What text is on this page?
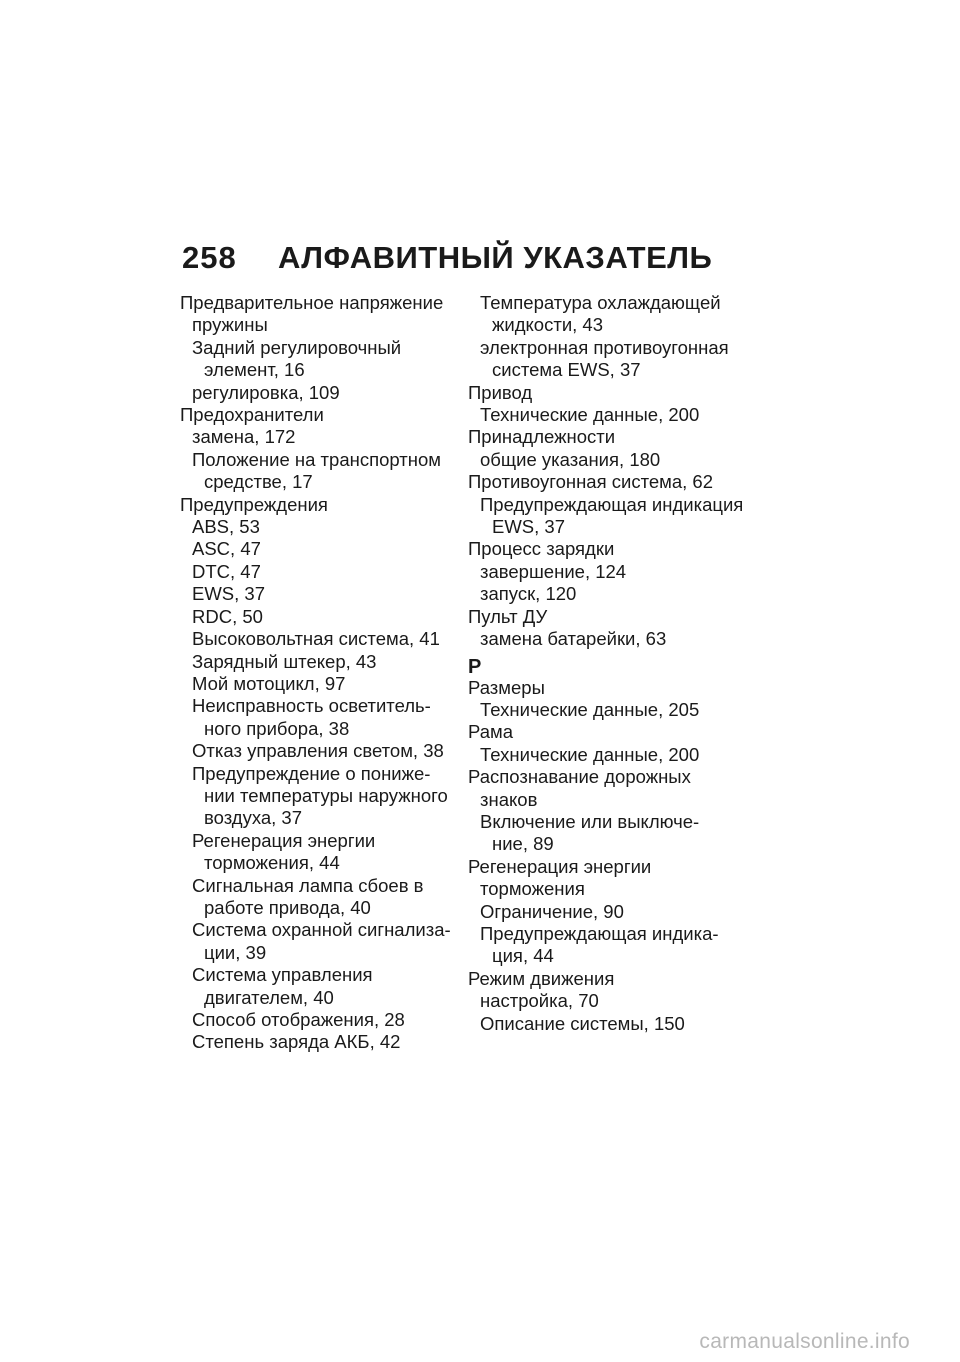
258	АЛФАВИТНЫЙ УКАЗАТЕЛЬ
Предварительное напряжение
пружины
Задний регулировочный
элемент, 16
регулировка, 109
Предохранители
замена, 172
Положение на транспортном
средстве, 17
Предупреждения
ABS, 53
ASC, 47
DTC, 47
EWS, 37
RDC, 50
Высоковольтная система, 41
Зарядный штекер, 43
Мой мотоцикл, 97
Неисправность осветитель-
ного прибора, 38
Отказ управления светом, 38
Предупреждение о пониже-
нии температуры наружного
воздуха, 37
Регенерация энергии
торможения, 44
Сигнальная лампа сбоев в
работе привода, 40
Система охранной сигнализа-
ции, 39
Система управления
двигателем, 40
Способ отображения, 28
Степень заряда АКБ, 42
Температура охлаждающей
жидкости, 43
электронная противоугонная
система EWS, 37
Привод
Технические данные, 200
Принадлежности
общие указания, 180
Противоугонная система, 62
Предупреждающая индикация
EWS, 37
Процесс зарядки
завершение, 124
запуск, 120
Пульт ДУ
замена батарейки, 63
Р
Размеры
Технические данные, 205
Рама
Технические данные, 200
Распознавание дорожных
знаков
Включение или выключе-
ние, 89
Регенерация энергии
торможения
Ограничение, 90
Предупреждающая индика-
ция, 44
Режим движения
настройка, 70
Описание системы, 150
carmanualsonline.info
